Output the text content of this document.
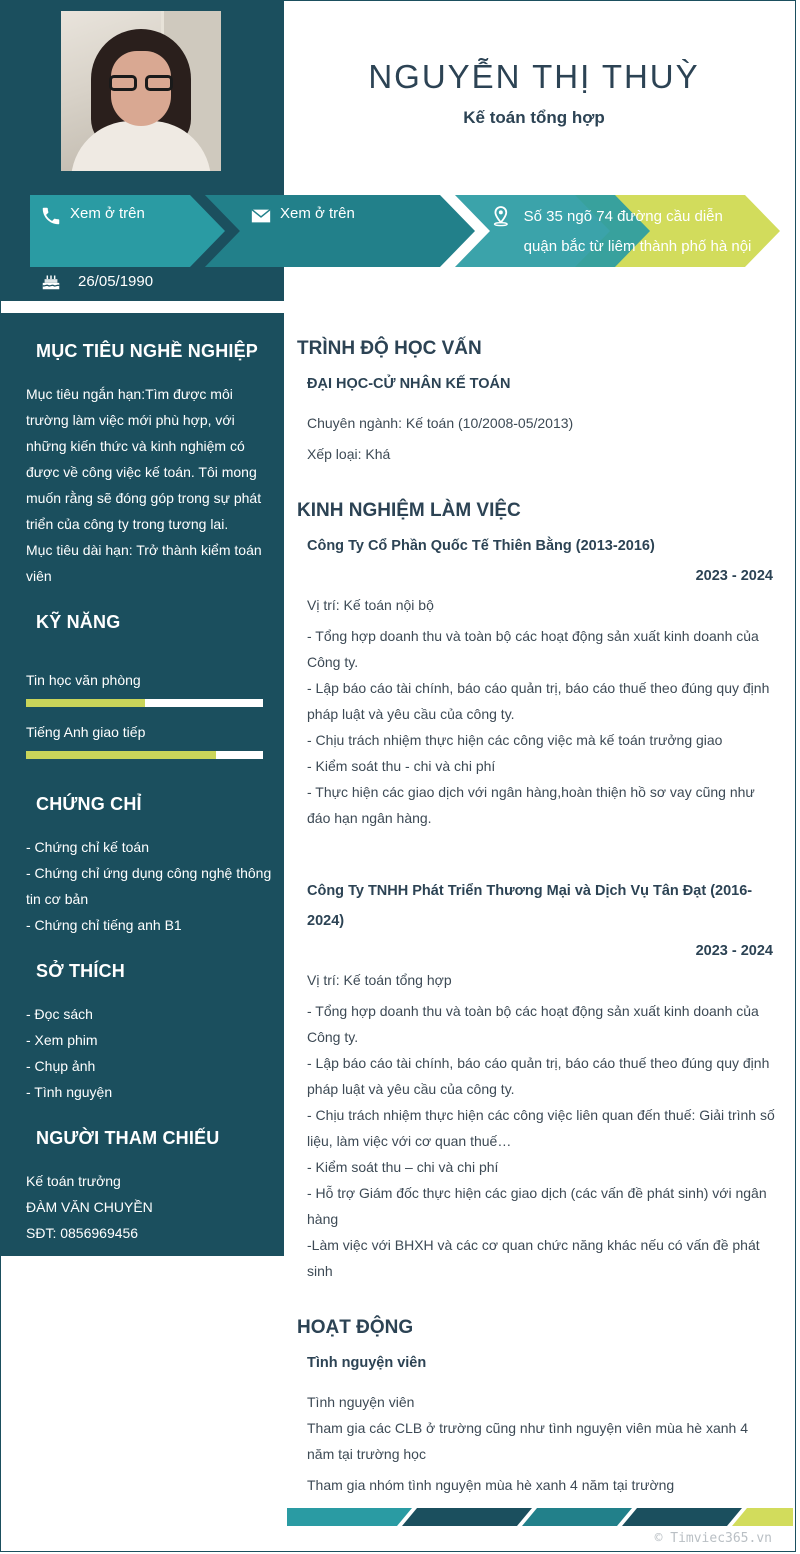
NGUYỄN THỊ THUỲ
Kế toán tổng hợp
Xem ở trên	Xem ở trên	Số 35 ngõ 74 đường cầu diễn quận bắc từ liêm thành phố hà nội
26/05/1990
MỤC TIÊU NGHỀ NGHIỆP
Mục tiêu ngắn hạn:Tìm được môi trường làm việc mới phù hợp, với những kiến thức và kinh nghiệm có được về công việc kế toán. Tôi mong muốn rằng sẽ đóng góp trong sự phát triển của công ty trong tương lai.
Mục tiêu dài hạn: Trở thành kiểm toán viên
KỸ NĂNG
Tin học văn phòng
Tiếng Anh giao tiếp
CHỨNG CHỈ
- Chứng chỉ kế toán
- Chứng chỉ ứng dụng công nghệ thông tin cơ bản
- Chứng chỉ tiếng anh B1
SỞ THÍCH
- Đọc sách
- Xem phim
- Chụp ảnh
- Tình nguyện
NGƯỜI THAM CHIẾU
Kế toán trưởng
ĐÀM VĂN CHUYỀN
SĐT: 0856969456
TRÌNH ĐỘ HỌC VẤN
ĐẠI HỌC-CỬ NHÂN KẾ TOÁN
Chuyên ngành: Kế toán (10/2008-05/2013)
Xếp loại: Khá
KINH NGHIỆM LÀM VIỆC
Công Ty Cổ Phần Quốc Tế Thiên Bằng (2013-2016)
2023 - 2024
Vị trí: Kế toán nội bộ
- Tổng hợp doanh thu và toàn bộ các hoạt động sản xuất kinh doanh của Công ty.
- Lập báo cáo tài chính, báo cáo quản trị, báo cáo thuế theo đúng quy định pháp luật và yêu cầu của công ty.
- Chịu trách nhiệm thực hiện các công việc mà kế toán trưởng giao
- Kiểm soát thu - chi và chi phí
- Thực hiện các giao dịch với ngân hàng,hoàn thiện hồ sơ vay cũng như đáo hạn ngân hàng.
Công Ty TNHH Phát Triển Thương Mại và Dịch Vụ Tân Đạt (2016-2024)
2023 - 2024
Vị trí: Kế toán tổng hợp
- Tổng hợp doanh thu và toàn bộ các hoạt động sản xuất kinh doanh của Công ty.
- Lập báo cáo tài chính, báo cáo quản trị, báo cáo thuế theo đúng quy định pháp luật và yêu cầu của công ty.
- Chịu trách nhiệm thực hiện các công việc liên quan đến thuế: Giải trình số liệu, làm việc với cơ quan thuế…
- Kiểm soát thu – chi và chi phí
- Hỗ trợ Giám đốc thực hiện các giao dịch (các vấn đề phát sinh) với ngân hàng
-Làm việc với BHXH và các cơ quan chức năng khác nếu có vấn đề phát sinh
HOẠT ĐỘNG
Tình nguyện viên
Tình nguyện viên
Tham gia các CLB ở trường cũng như tình nguyện viên mùa hè xanh 4 năm tại trường học
Tham gia nhóm tình nguyện mùa hè xanh 4 năm tại trường
© Timviec365.vn
